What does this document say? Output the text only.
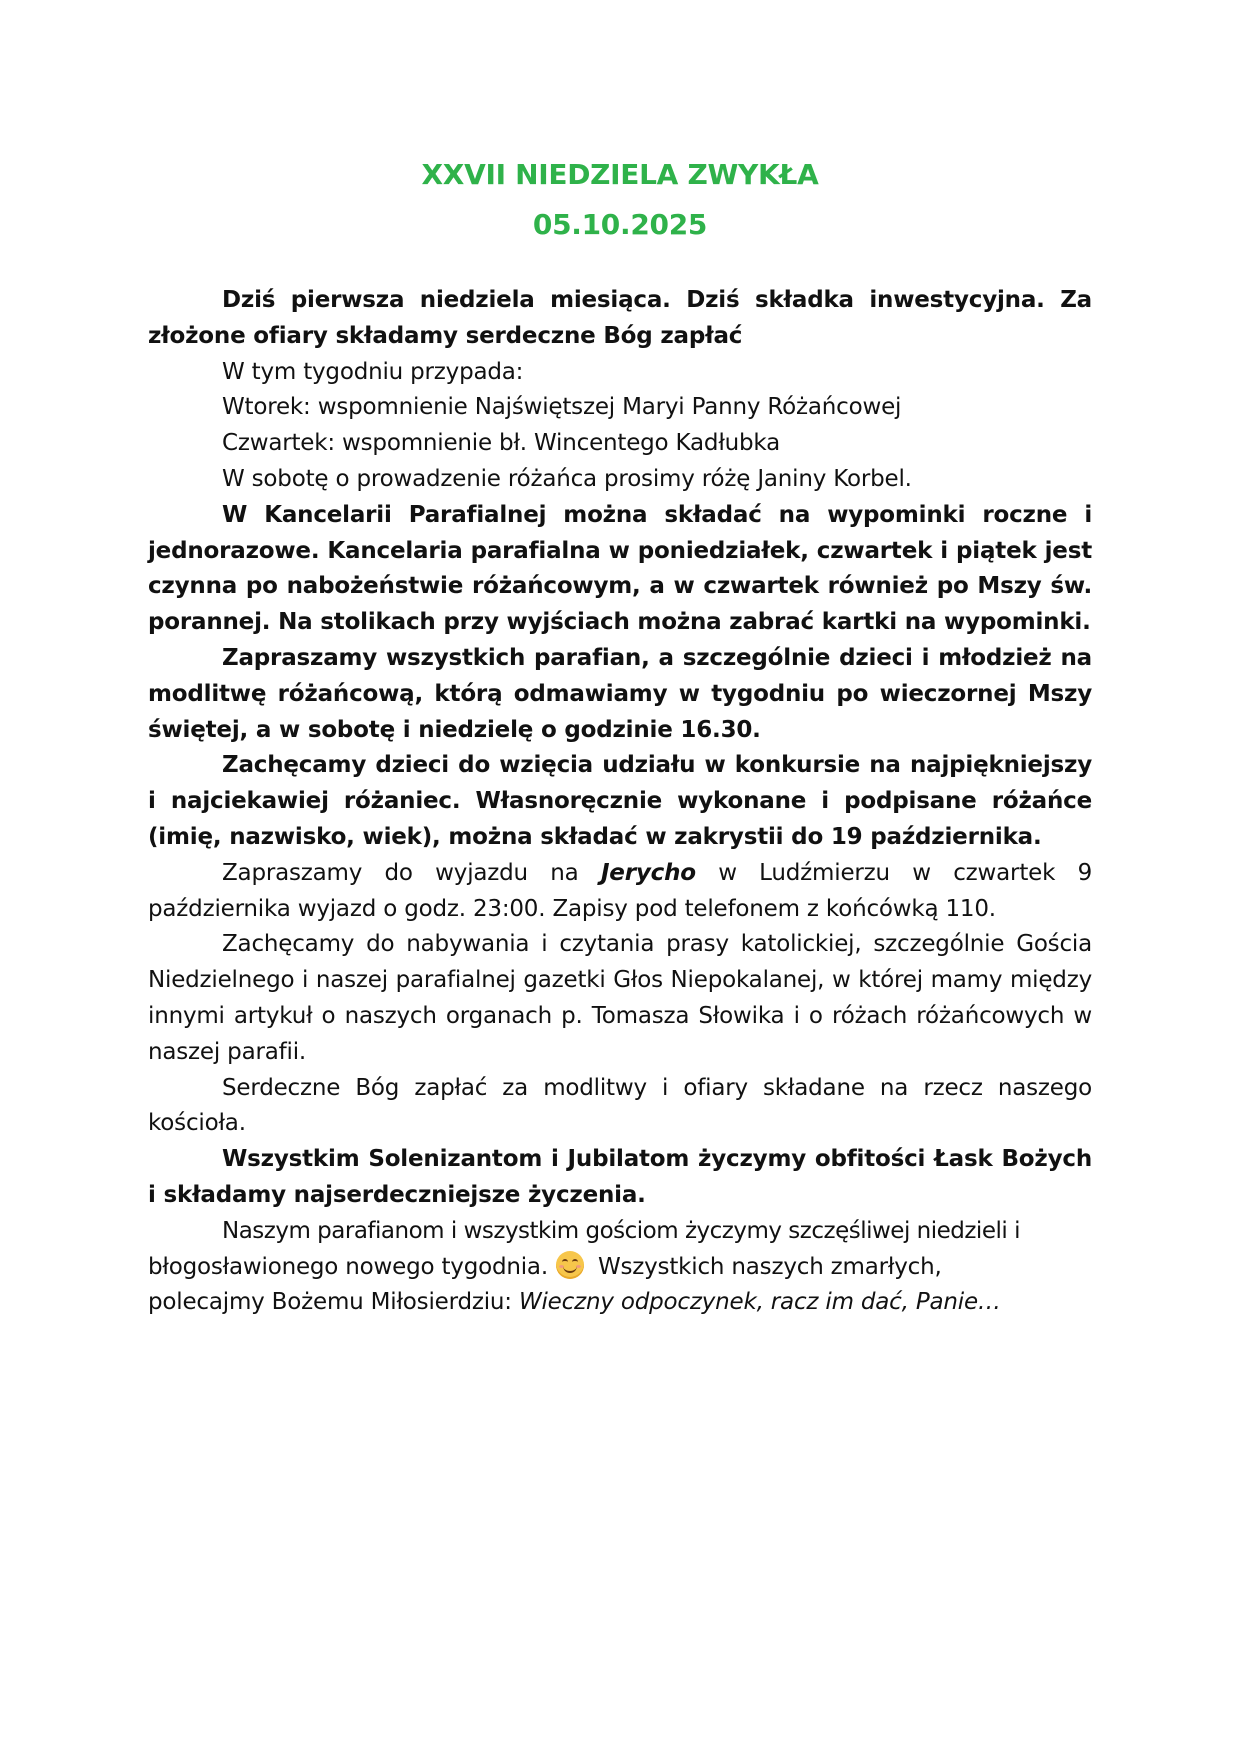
XXVII NIEDZIELA ZWYKŁA
05.10.2025

Dziś pierwsza niedziela miesiąca. Dziś składka inwestycyjna. Za złożone ofiary składamy serdeczne Bóg zapłać

W tym tygodniu przypada:

Wtorek: wspomnienie Najświętszej Maryi Panny Różańcowej

Czwartek: wspomnienie bł. Wincentego Kadłubka

W sobotę o prowadzenie różańca prosimy różę Janiny Korbel.

W Kancelarii Parafialnej można składać na wypominki roczne i jednorazowe. Kancelaria parafialna w poniedziałek, czwartek i piątek jest czynna po nabożeństwie różańcowym, a w czwartek również po Mszy św. porannej. Na stolikach przy wyjściach można zabrać kartki na wypominki.

Zapraszamy wszystkich parafian, a szczególnie dzieci i młodzież na modlitwę różańcową, którą odmawiamy w tygodniu po wieczornej Mszy świętej, a w sobotę i niedzielę o godzinie 16.30.

Zachęcamy dzieci do wzięcia udziału w konkursie na najpiękniejszy i najciekawiej różaniec. Własnoręcznie wykonane i podpisane różańce (imię, nazwisko, wiek), można składać w zakrystii do 19 października.

Zapraszamy do wyjazdu na Jerycho w Ludźmierzu w czwartek 9 października wyjazd o godz. 23:00. Zapisy pod telefonem z końcówką 110.

Zachęcamy do nabywania i czytania prasy katolickiej, szczególnie Gościa Niedzielnego i naszej parafialnej gazetki Głos Niepokalanej, w której mamy między innymi artykuł o naszych organach p. Tomasza Słowika i o różach różańcowych w naszej parafii.

Serdeczne Bóg zapłać za modlitwy i ofiary składane na rzecz naszego kościoła.

Wszystkim Solenizantom i Jubilatom życzymy obfitości Łask Bożych i składamy najserdeczniejsze życzenia.

Naszym parafianom i wszystkim gościom życzymy szczęśliwej niedzieli i

błogosławionego nowego tygodnia. Wszystkich naszych zmarłych,

polecajmy Bożemu Miłosierdziu: Wieczny odpoczynek, racz im dać, Panie…
